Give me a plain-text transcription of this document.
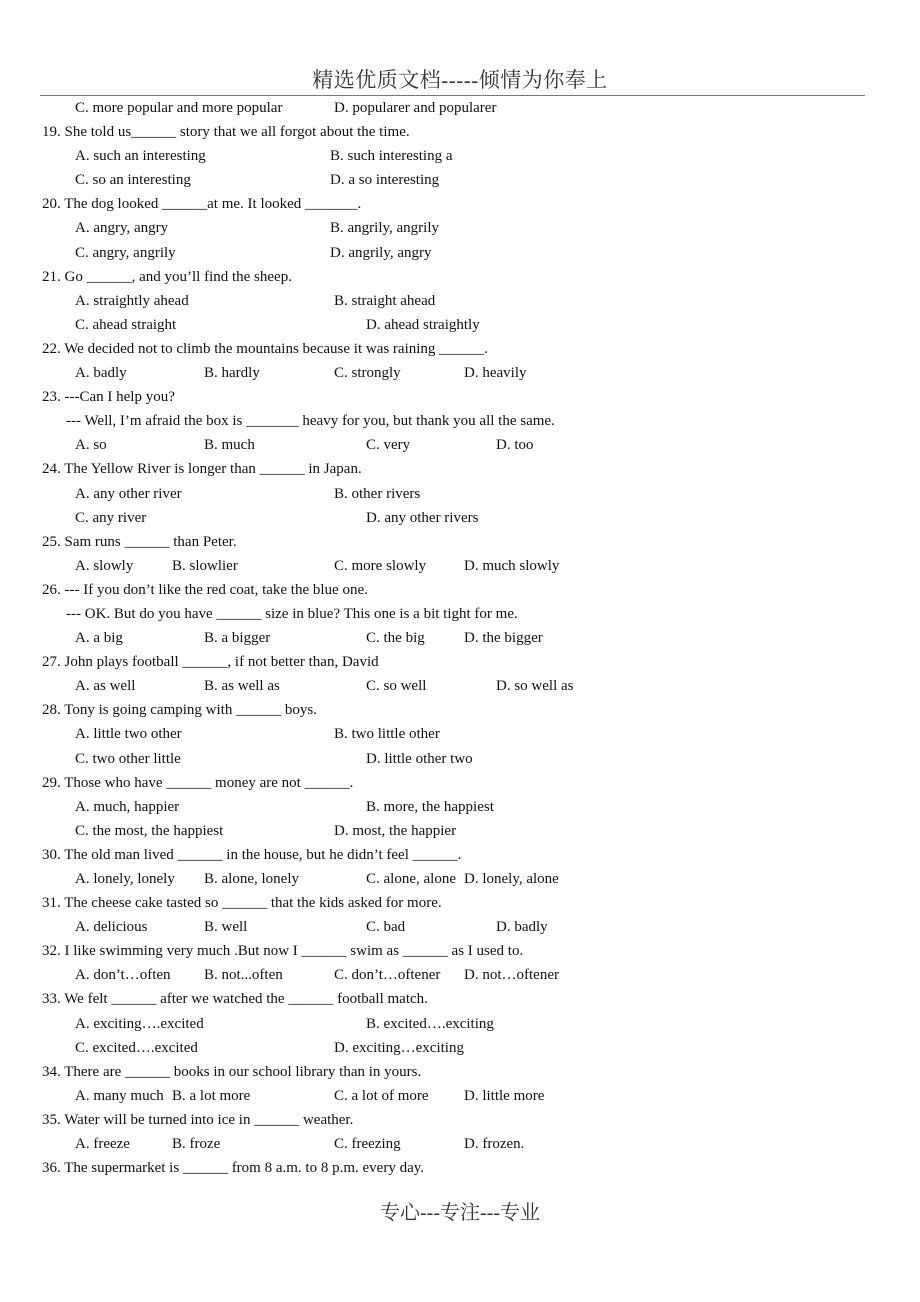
精选优质文档-----倾情为你奉上

C. more popular and more popular

	D. popularer and popularer

19. She told us______ story that we all forgot about the time.

A. such an interesting

	B. such interesting a

C. so an interesting

	D. a so interesting

20. The dog looked ______at me. It looked _______.

A. angry, angry

	B. angrily, angrily

C. angry, angrily

	D. angrily, angry

21. Go ______, and you’ll find the sheep.

A. straightly ahead

	B. straight ahead

C. ahead straight

	D. ahead straightly

22. We decided not to climb the mountains because it was raining ______.

A. badly

	B. hardly

	C. strongly

	D. heavily

23. ---Can I help you?
--- Well, I’m afraid the box is _______ heavy for you, but thank you all the same.

A. so

	B. much

	C. very

	D. too

24. The Yellow River is longer than ______ in Japan.

A. any other river

	B. other rivers

C. any river

	D. any other rivers

25. Sam runs ______ than Peter.

A. slowly

	B. slowlier

	C. more slowly

	D. much slowly

26. --- If you don’t like the red coat, take the blue one.
--- OK. But do you have ______ size in blue? This one is a bit tight for me.

A. a big

	B. a bigger

	C. the big

	D. the bigger

27. John plays football ______, if not better than, David

A. as well

	B. as well as

	C. so well

	D. so well as

28. Tony is going camping with ______ boys.

A. little two other

	B. two little other

C. two other little

	D. little other two

29. Those who have ______ money are not ______.

A. much, happier

	B. more, the happiest

C. the most, the happiest

	D. most, the happier

30. The old man lived ______ in the house, but he didn’t feel ______.

A. lonely, lonely

B. alone, lonely

	C. alone, alone

D. lonely, alone

31. The cheese cake tasted so ______ that the kids asked for more.

A. delicious

	B. well

	C. bad

	D. badly

32. I like swimming very much .But now I ______ swim as ______ as I used to.

A. don’t…often

B. not...often

	C. don’t…oftener

D. not…oftener

33. We felt ______ after we watched the ______ football match.

A. exciting….excited

	B. excited….exciting

C. excited….excited

	D. exciting…exciting

34. There are ______ books in our school library than in yours.

A. many much

B. a lot more

	C. a lot of more

D. little more

35. Water will be turned into ice in ______ weather.

A. freeze

	B. froze

	C. freezing

	D. frozen.

36. The supermarket is ______ from 8 a.m. to 8 p.m. every day.
专心---专注---专业
